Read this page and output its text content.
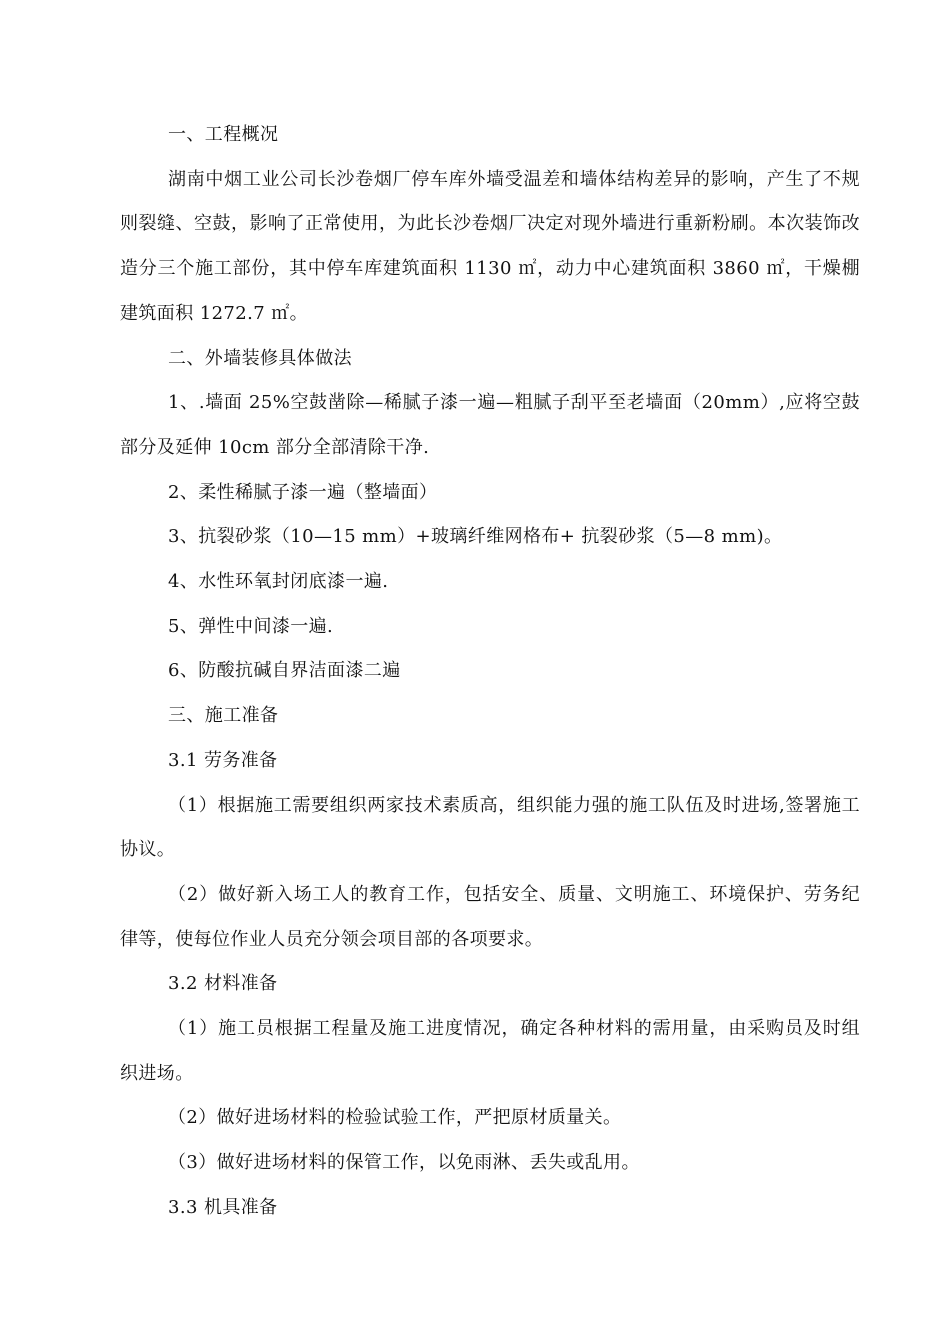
一、工程概况

湖南中烟工业公司长沙卷烟厂停车库外墙受温差和墙体结构差异的影响，产生了不规则裂缝、空鼓，影响了正常使用，为此长沙卷烟厂决定对现外墙进行重新粉刷。本次装饰改造分三个施工部份，其中停车库建筑面积 1130 ㎡，动力中心建筑面积 3860 ㎡，干燥棚建筑面积 1272.7 ㎡。

二、外墙装修具体做法

1、.墙面 25%空鼓凿除—稀腻子漆一遍—粗腻子刮平至老墙面（20mm）,应将空鼓部分及延伸 10cm 部分全部清除干净.

2、柔性稀腻子漆一遍（整墙面）

3、抗裂砂浆（10—15 mm）+玻璃纤维网格布+ 抗裂砂浆（5—8 mm)。

4、水性环氧封闭底漆一遍.

5、弹性中间漆一遍.

6、防酸抗碱自界洁面漆二遍

三、施工准备

3.1 劳务准备

（1）根据施工需要组织两家技术素质高，组织能力强的施工队伍及时进场,签署施工协议。

（2）做好新入场工人的教育工作，包括安全、质量、文明施工、环境保护、劳务纪律等，使每位作业人员充分领会项目部的各项要求。

3.2 材料准备

（1）施工员根据工程量及施工进度情况，确定各种材料的需用量，由采购员及时组织进场。

（2）做好进场材料的检验试验工作，严把原材质量关。

（3）做好进场材料的保管工作，以免雨淋、丢失或乱用。

3.3 机具准备
